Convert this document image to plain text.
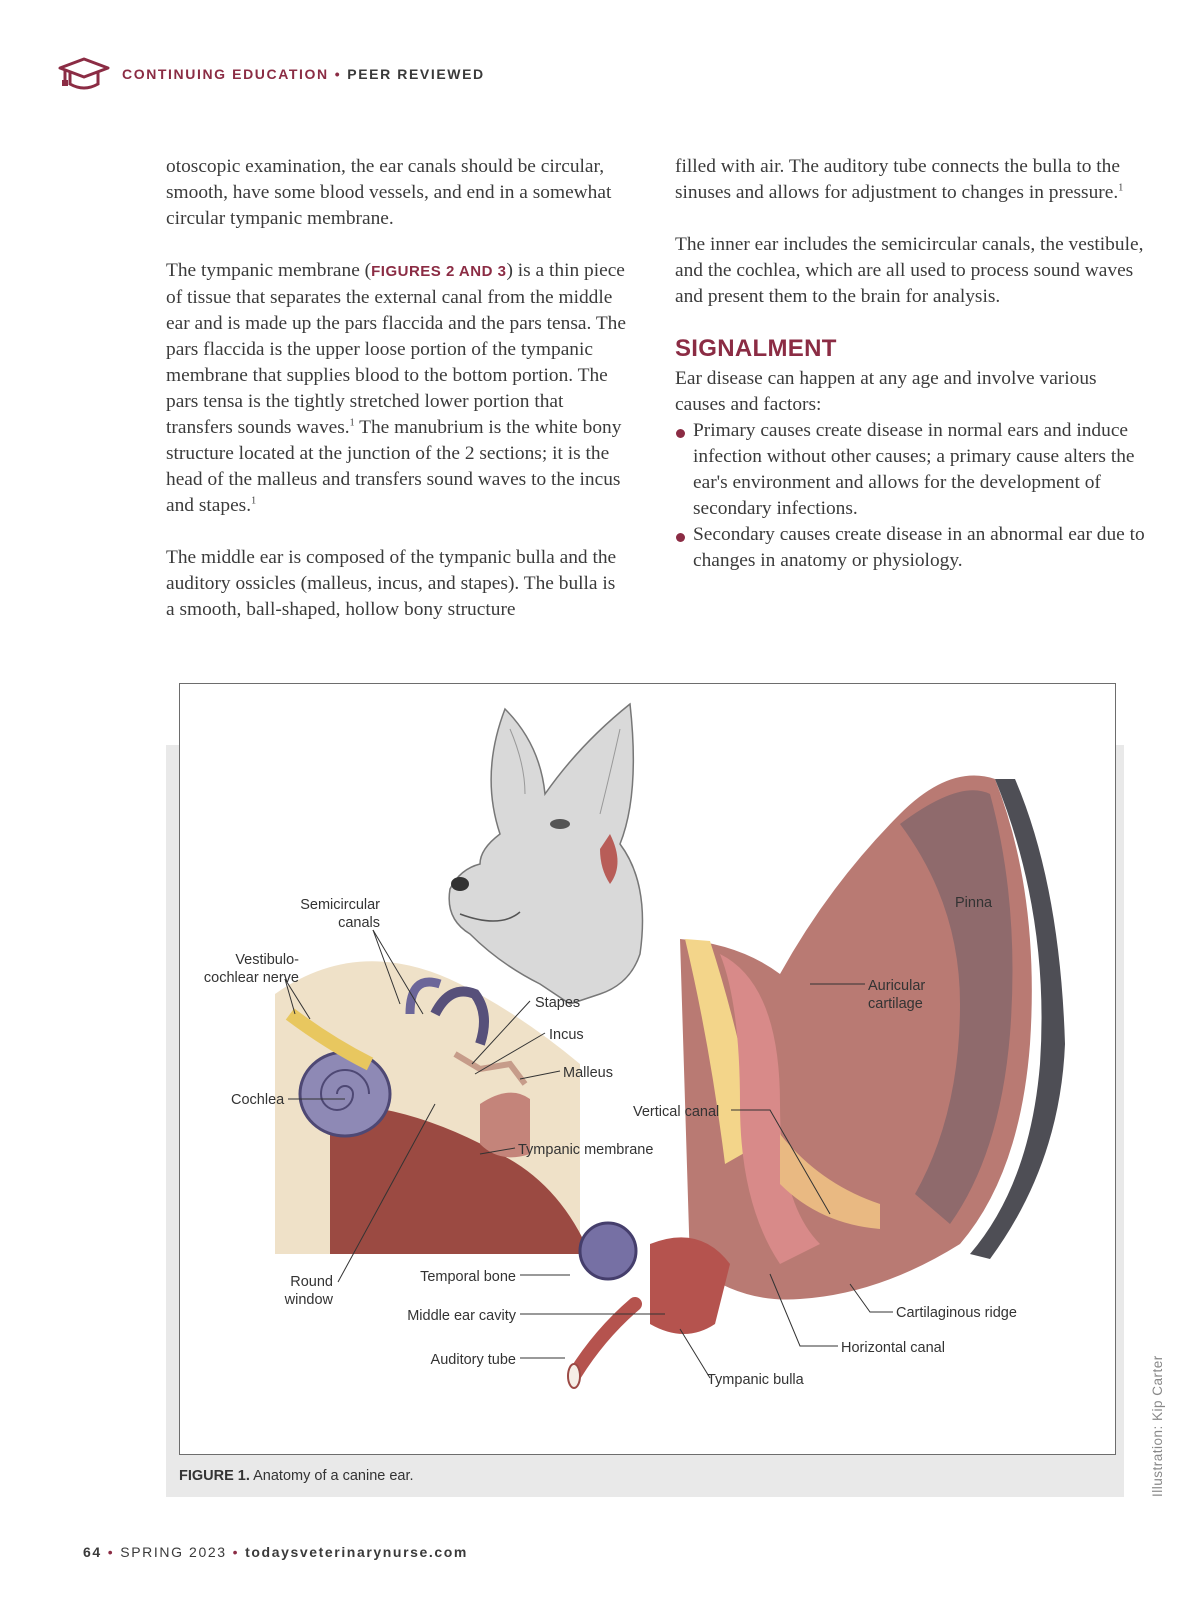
CONTINUING EDUCATION • PEER REVIEWED

otoscopic examination, the ear canals should be circular, smooth, have some blood vessels, and end in a somewhat circular tympanic membrane.

The tympanic membrane (FIGURES 2 AND 3) is a thin piece of tissue that separates the external canal from the middle ear and is made up the pars flaccida and the pars tensa. The pars flaccida is the upper loose portion of the tympanic membrane that supplies blood to the bottom portion. The pars tensa is the tightly stretched lower portion that transfers sounds waves.$^1$ The manubrium is the white bony structure located at the junction of the 2 sections; it is the head of the malleus and transfers sound waves to the incus and stapes.$^1$

The middle ear is composed of the tympanic bulla and the auditory ossicles (malleus, incus, and stapes). The bulla is a smooth, ball-shaped, hollow bony structure

filled with air. The auditory tube connects the bulla to the sinuses and allows for adjustment to changes in pressure.$^1$

The inner ear includes the semicircular canals, the vestibule, and the cochlea, which are all used to process sound waves and present them to the brain for analysis.

SIGNALMENT
Ear disease can happen at any age and involve various causes and factors:
Primary causes create disease in normal ears and induce infection without other causes; a primary cause alters the ear's environment and allows for the development of secondary infections.
Secondary causes create disease in an abnormal ear due to changes in anatomy or physiology.
Semicircular
canals
Vestibulo-
cochlear nerve
Cochlea
Stapes
Incus
Malleus
Vertical canal
Tympanic membrane
Round
window
Temporal bone
Middle ear cavity
Auditory tube
Tympanic bulla
Horizontal canal
Cartilaginous ridge
Auricular
cartilage
Pinna
FIGURE 1. Anatomy of a canine ear.	Illustration: Kip Carter
64 • SPRING 2023 • todaysveterinarynurse.com
